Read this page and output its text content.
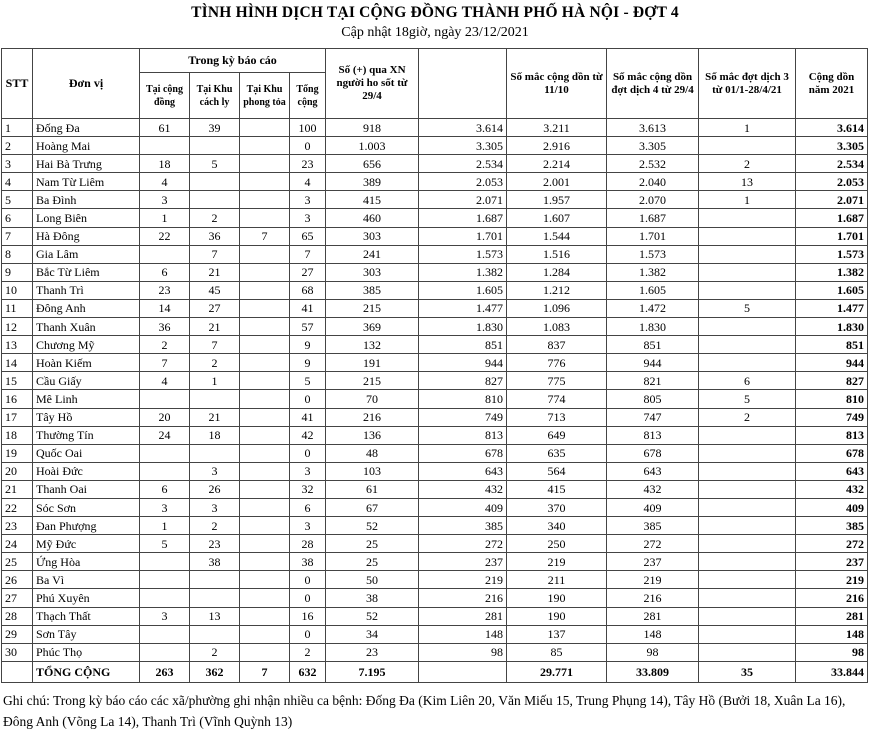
TÌNH HÌNH DỊCH TẠI CỘNG ĐỒNG THÀNH PHỐ HÀ NỘI - ĐỢT 4
Cập nhật 18giờ, ngày 23/12/2021
STT	Đơn vị	Trong kỳ báo cáo				Số (+) qua XN người ho sốt từ 29/4		Số mắc cộng dồn từ 11/10	Số mắc cộng dồn đợt dịch 4 từ 29/4	Số mắc đợt dịch 3 từ 01/1-28/4/21	Cộng dồn năm 2021
		Tại cộng đồng	Tại Khu cách ly	Tại Khu phong tỏa	Tổng cộng						
1	Đống Đa	61	39		100	918	3.614	3.211	3.613	1	3.614
2	Hoàng Mai				0	1.003	3.305	2.916	3.305		3.305
3	Hai Bà Trưng	18	5		23	656	2.534	2.214	2.532	2	2.534
4	Nam Từ Liêm	4			4	389	2.053	2.001	2.040	13	2.053
5	Ba Đình	3			3	415	2.071	1.957	2.070	1	2.071
6	Long Biên	1	2		3	460	1.687	1.607	1.687		1.687
7	Hà Đông	22	36	7	65	303	1.701	1.544	1.701		1.701
8	Gia Lâm		7		7	241	1.573	1.516	1.573		1.573
9	Bắc Từ Liêm	6	21		27	303	1.382	1.284	1.382		1.382
10	Thanh Trì	23	45		68	385	1.605	1.212	1.605		1.605
11	Đông Anh	14	27		41	215	1.477	1.096	1.472	5	1.477
12	Thanh Xuân	36	21		57	369	1.830	1.083	1.830		1.830
13	Chương Mỹ	2	7		9	132	851	837	851		851
14	Hoàn Kiếm	7	2		9	191	944	776	944		944
15	Cầu Giấy	4	1		5	215	827	775	821	6	827
16	Mê Linh				0	70	810	774	805	5	810
17	Tây Hồ	20	21		41	216	749	713	747	2	749
18	Thường Tín	24	18		42	136	813	649	813		813
19	Quốc Oai				0	48	678	635	678		678
20	Hoài Đức		3		3	103	643	564	643		643
21	Thanh Oai	6	26		32	61	432	415	432		432
22	Sóc Sơn	3	3		6	67	409	370	409		409
23	Đan Phượng	1	2		3	52	385	340	385		385
24	Mỹ Đức	5	23		28	25	272	250	272		272
25	Ứng Hòa		38		38	25	237	219	237		237
26	Ba Vì				0	50	219	211	219		219
27	Phú Xuyên				0	38	216	190	216		216
28	Thạch Thất	3	13		16	52	281	190	281		281
29	Sơn Tây				0	34	148	137	148		148
30	Phúc Thọ		2		2	23	98	85	98		98
	TỔNG CỘNG	263	362	7	632	7.195		29.771	33.809	35	33.844
Ghi chú: Trong kỳ báo cáo các xã/phường ghi nhận nhiều ca bệnh: Đống Đa (Kim Liên 20, Văn Miếu 15, Trung Phụng 14), Tây Hồ (Bưởi 18, Xuân La 16), Đông Anh (Võng La 14), Thanh Trì (Vĩnh Quỳnh 13)
